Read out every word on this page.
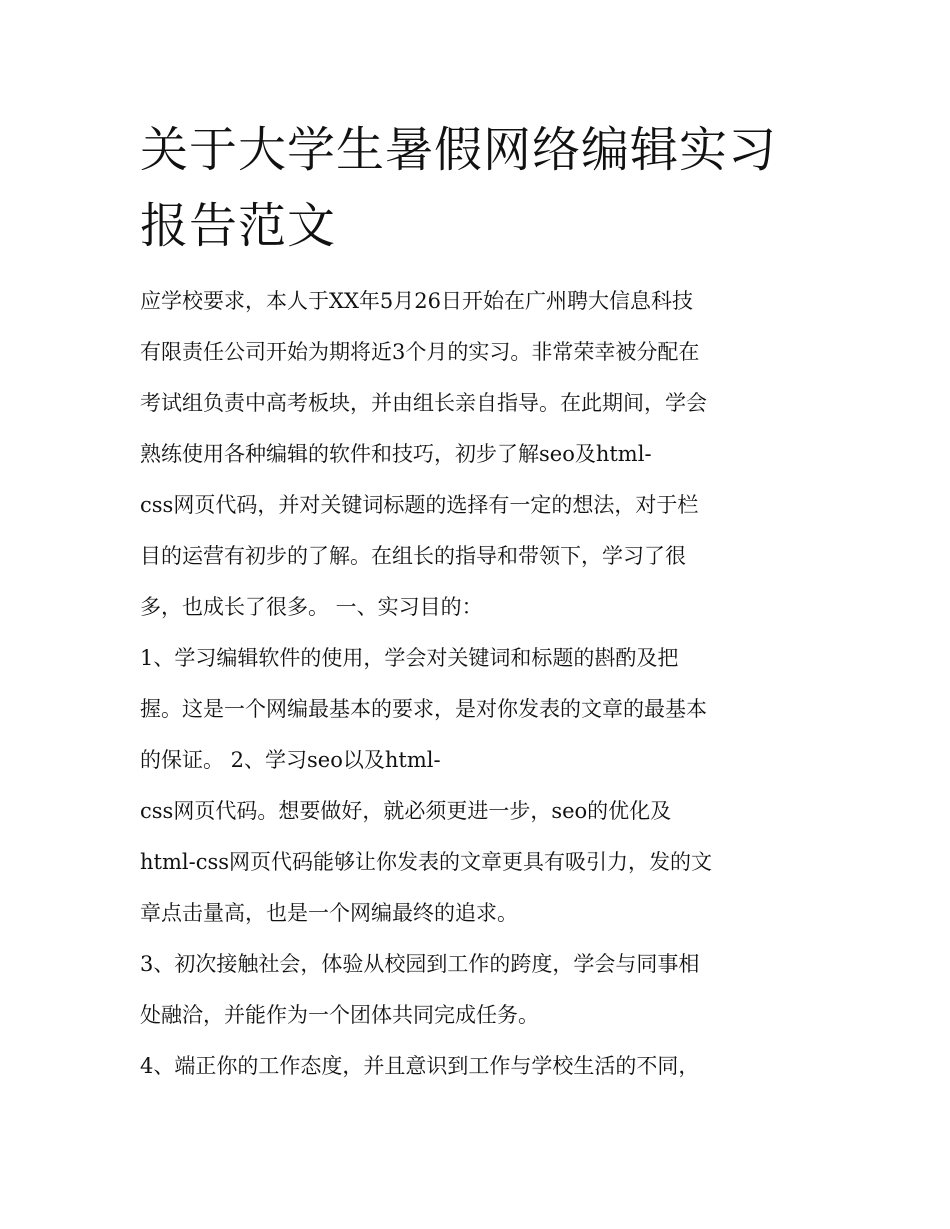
关于大学生暑假网络编辑实习
报告范文
应学校要求，本人于XX年5月26日开始在广州聘大信息科技
有限责任公司开始为期将近3个月的实习。非常荣幸被分配在
考试组负责中高考板块，并由组长亲自指导。在此期间，学会
熟练使用各种编辑的软件和技巧，初步了解seo及html-
css网页代码，并对关键词标题的选择有一定的想法，对于栏
目的运营有初步的了解。在组长的指导和带领下，学习了很
多，也成长了很多。 一、实习目的：
1、学习编辑软件的使用，学会对关键词和标题的斟酌及把
握。这是一个网编最基本的要求，是对你发表的文章的最基本
的保证。 2、学习seo以及html-
css网页代码。想要做好，就必须更进一步，seo的优化及
html-css网页代码能够让你发表的文章更具有吸引力，发的文
章点击量高，也是一个网编最终的追求。
3、初次接触社会，体验从校园到工作的跨度，学会与同事相
处融洽，并能作为一个团体共同完成任务。
4、端正你的工作态度，并且意识到工作与学校生活的不同，
